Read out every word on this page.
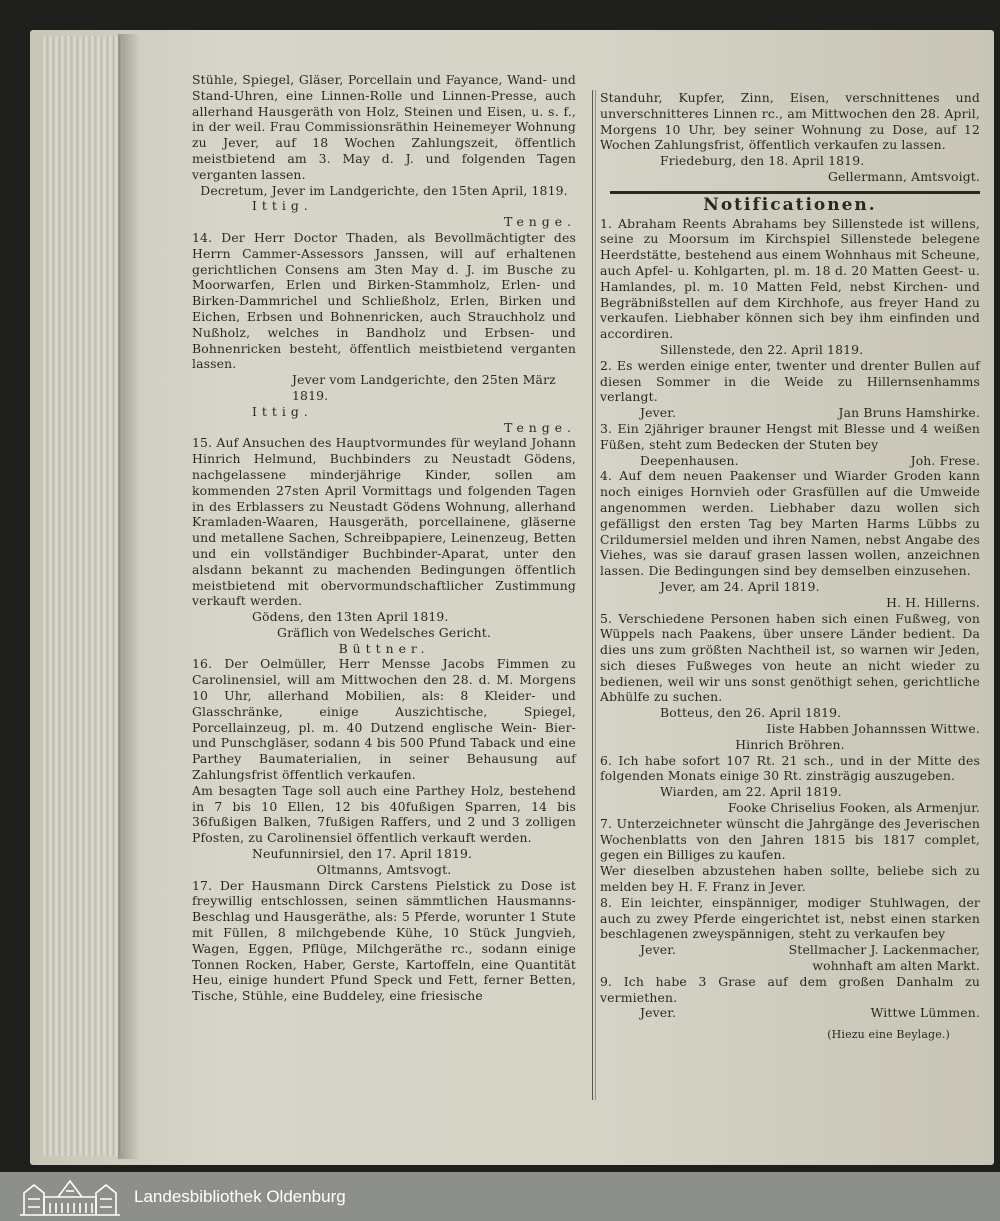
Stühle, Spiegel, Gläser, Porcellain und Fayance, Wand- und Stand-Uhren, eine Linnen-Rolle und Linnen-Presse, auch allerhand Hausgeräth von Holz, Steinen und Eisen, u. s. f., in der weil. Frau Commissionsräthin Heinemeyer Wohnung zu Jever, auf 18 Wochen Zahlungszeit, öffentlich meistbietend am 3. May d. J. und folgenden Tagen verganten lassen.

Decretum, Jever im Landgerichte, den 15ten April, 1819.

Ittig.

Tenge.

14. Der Herr Doctor Thaden, als Bevollmächtigter des Herrn Cammer-Assessors Janssen, will auf erhaltenen gerichtlichen Consens am 3ten May d. J. im Busche zu Moorwarfen, Erlen und Birken-Stammholz, Erlen- und Birken-Dammrichel und Schließholz, Erlen, Birken und Eichen, Erbsen und Bohnenricken, auch Strauchholz und Nußholz, welches in Bandholz und Erbsen- und Bohnenricken besteht, öffentlich meistbietend verganten lassen.

Jever vom Landgerichte, den 25ten März 1819.

Ittig.

Tenge.

15. Auf Ansuchen des Hauptvormundes für weyland Johann Hinrich Helmund, Buchbinders zu Neustadt Gödens, nachgelassene minderjährige Kinder, sollen am kommenden 27sten April Vormittags und folgenden Tagen in des Erblassers zu Neustadt Gödens Wohnung, allerhand Kramladen-Waaren, Hausgeräth, porcellainene, gläserne und metallene Sachen, Schreibpapiere, Leinenzeug, Betten und ein vollständiger Buchbinder-Aparat, unter den alsdann bekannt zu machenden Bedingungen öffentlich meistbietend mit obervormundschaftlicher Zustimmung verkauft werden.

Gödens, den 13ten April 1819.

Gräflich von Wedelsches Gericht.

Büttner.

16. Der Oelmüller, Herr Mensse Jacobs Fimmen zu Carolinensiel, will am Mittwochen den 28. d. M. Morgens 10 Uhr, allerhand Mobilien, als: 8 Kleider- und Glasschränke, einige Auszichtische, Spiegel, Porcellainzeug, pl. m. 40 Dutzend englische Wein- Bier- und Punschgläser, sodann 4 bis 500 Pfund Taback und eine Parthey Baumaterialien, in seiner Behausung auf Zahlungsfrist öffentlich verkaufen.

Am besagten Tage soll auch eine Parthey Holz, bestehend in 7 bis 10 Ellen, 12 bis 40fußigen Sparren, 14 bis 36fußigen Balken, 7fußigen Raffers, und 2 und 3 zolligen Pfosten, zu Carolinensiel öffentlich verkauft werden.

Neufunnirsiel, den 17. April 1819.

Oltmanns, Amtsvogt.

17. Der Hausmann Dirck Carstens Pielstick zu Dose ist freywillig entschlossen, seinen sämmtlichen Hausmanns-Beschlag und Hausgeräthe, als: 5 Pferde, worunter 1 Stute mit Füllen, 8 milchgebende Kühe, 10 Stück Jungvieh, Wagen, Eggen, Pflüge, Milchgeräthe rc., sodann einige Tonnen Rocken, Haber, Gerste, Kartoffeln, eine Quantität Heu, einige hundert Pfund Speck und Fett, ferner Betten, Tische, Stühle, eine Buddeley, eine friesische

Standuhr, Kupfer, Zinn, Eisen, verschnittenes und unverschnitteres Linnen rc., am Mittwochen den 28. April, Morgens 10 Uhr, bey seiner Wohnung zu Dose, auf 12 Wochen Zahlungsfrist, öffentlich verkaufen zu lassen.

Friedeburg, den 18. April 1819.

Gellermann, Amtsvoigt.

Notificationen.

1. Abraham Reents Abrahams bey Sillenstede ist willens, seine zu Moorsum im Kirchspiel Sillenstede belegene Heerdstätte, bestehend aus einem Wohnhaus mit Scheune, auch Apfel- u. Kohlgarten, pl. m. 18 d. 20 Matten Geest- u. Hamlandes, pl. m. 10 Matten Feld, nebst Kirchen- und Begräbnißstellen auf dem Kirchhofe, aus freyer Hand zu verkaufen. Liebhaber können sich bey ihm einfinden und accordiren.

Sillenstede, den 22. April 1819.

2. Es werden einige enter, twenter und drenter Bullen auf diesen Sommer in die Weide zu Hillernsenhamms verlangt.

Jever.	Jan Bruns Hamshirke.

3. Ein 2jähriger brauner Hengst mit Blesse und 4 weißen Füßen, steht zum Bedecken der Stuten bey

Deepenhausen.	Joh. Frese.

4. Auf dem neuen Paakenser und Wiarder Groden kann noch einiges Hornvieh oder Grasfüllen auf die Umweide angenommen werden. Liebhaber dazu wollen sich gefälligst den ersten Tag bey Marten Harms Lübbs zu Crildumersiel melden und ihren Namen, nebst Angabe des Viehes, was sie darauf grasen lassen wollen, anzeichnen lassen. Die Bedingungen sind bey demselben einzusehen.

Jever, am 24. April 1819.

H. H. Hillerns.

5. Verschiedene Personen haben sich einen Fußweg, von Wüppels nach Paakens, über unsere Länder bedient. Da dies uns zum größten Nachtheil ist, so warnen wir Jeden, sich dieses Fußweges von heute an nicht wieder zu bedienen, weil wir uns sonst genöthigt sehen, gerichtliche Abhülfe zu suchen.

Botteus, den 26. April 1819.

Iiste Habben Johannssen Wittwe.

Hinrich Bröhren.

6. Ich habe sofort 107 Rt. 21 sch., und in der Mitte des folgenden Monats einige 30 Rt. zinsträgig auszugeben.

Wiarden, am 22. April 1819.

Fooke Chriselius Fooken, als Armenjur.

7. Unterzeichneter wünscht die Jahrgänge des Jeverischen Wochenblatts von den Jahren 1815 bis 1817 complet, gegen ein Billiges zu kaufen.

Wer dieselben abzustehen haben sollte, beliebe sich zu melden bey H. F. Franz in Jever.

8. Ein leichter, einspänniger, modiger Stuhlwagen, der auch zu zwey Pferde eingerichtet ist, nebst einen starken beschlagenen zweyspännigen, steht zu verkaufen bey

Jever.	Stellmacher J. Lackenmacher,

wohnhaft am alten Markt.

9. Ich habe 3 Grase auf dem großen Danhalm zu vermiethen.

Jever.	Wittwe Lümmen.
(Hiezu eine Beylage.)
Landesbibliothek Oldenburg
